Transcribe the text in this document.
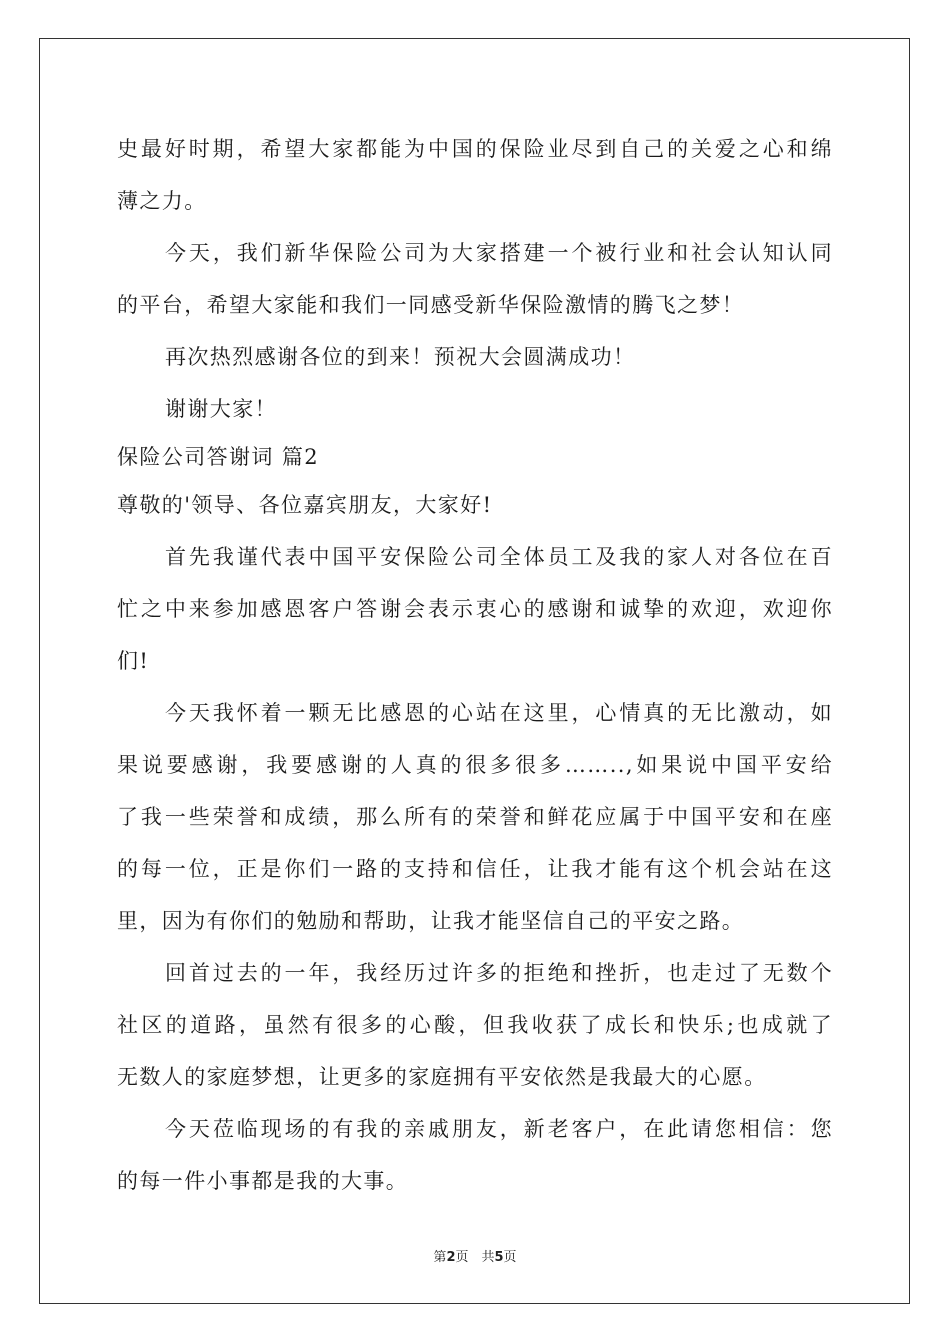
史最好时期，希望大家都能为中国的保险业尽到自己的关爱之心和绵
薄之力。
今天，我们新华保险公司为大家搭建一个被行业和社会认知认同
的平台，希望大家能和我们一同感受新华保险激情的腾飞之梦！
再次热烈感谢各位的到来！预祝大会圆满成功！
谢谢大家！
保险公司答谢词 篇2
尊敬的'领导、各位嘉宾朋友，大家好!
首先我谨代表中国平安保险公司全体员工及我的家人对各位在百
忙之中来参加感恩客户答谢会表示衷心的感谢和诚挚的欢迎，欢迎你
们!
今天我怀着一颗无比感恩的心站在这里，心情真的无比激动，如
果说要感谢，我要感谢的人真的很多很多……..,如果说中国平安给
了我一些荣誉和成绩，那么所有的荣誉和鲜花应属于中国平安和在座
的每一位，正是你们一路的支持和信任，让我才能有这个机会站在这
里，因为有你们的勉励和帮助，让我才能坚信自己的平安之路。
回首过去的一年，我经历过许多的拒绝和挫折，也走过了无数个
社区的道路，虽然有很多的心酸，但我收获了成长和快乐;也成就了
无数人的家庭梦想，让更多的家庭拥有平安依然是我最大的心愿。
今天莅临现场的有我的亲戚朋友，新老客户，在此请您相信：您
的每一件小事都是我的大事。
第2页　共5页
